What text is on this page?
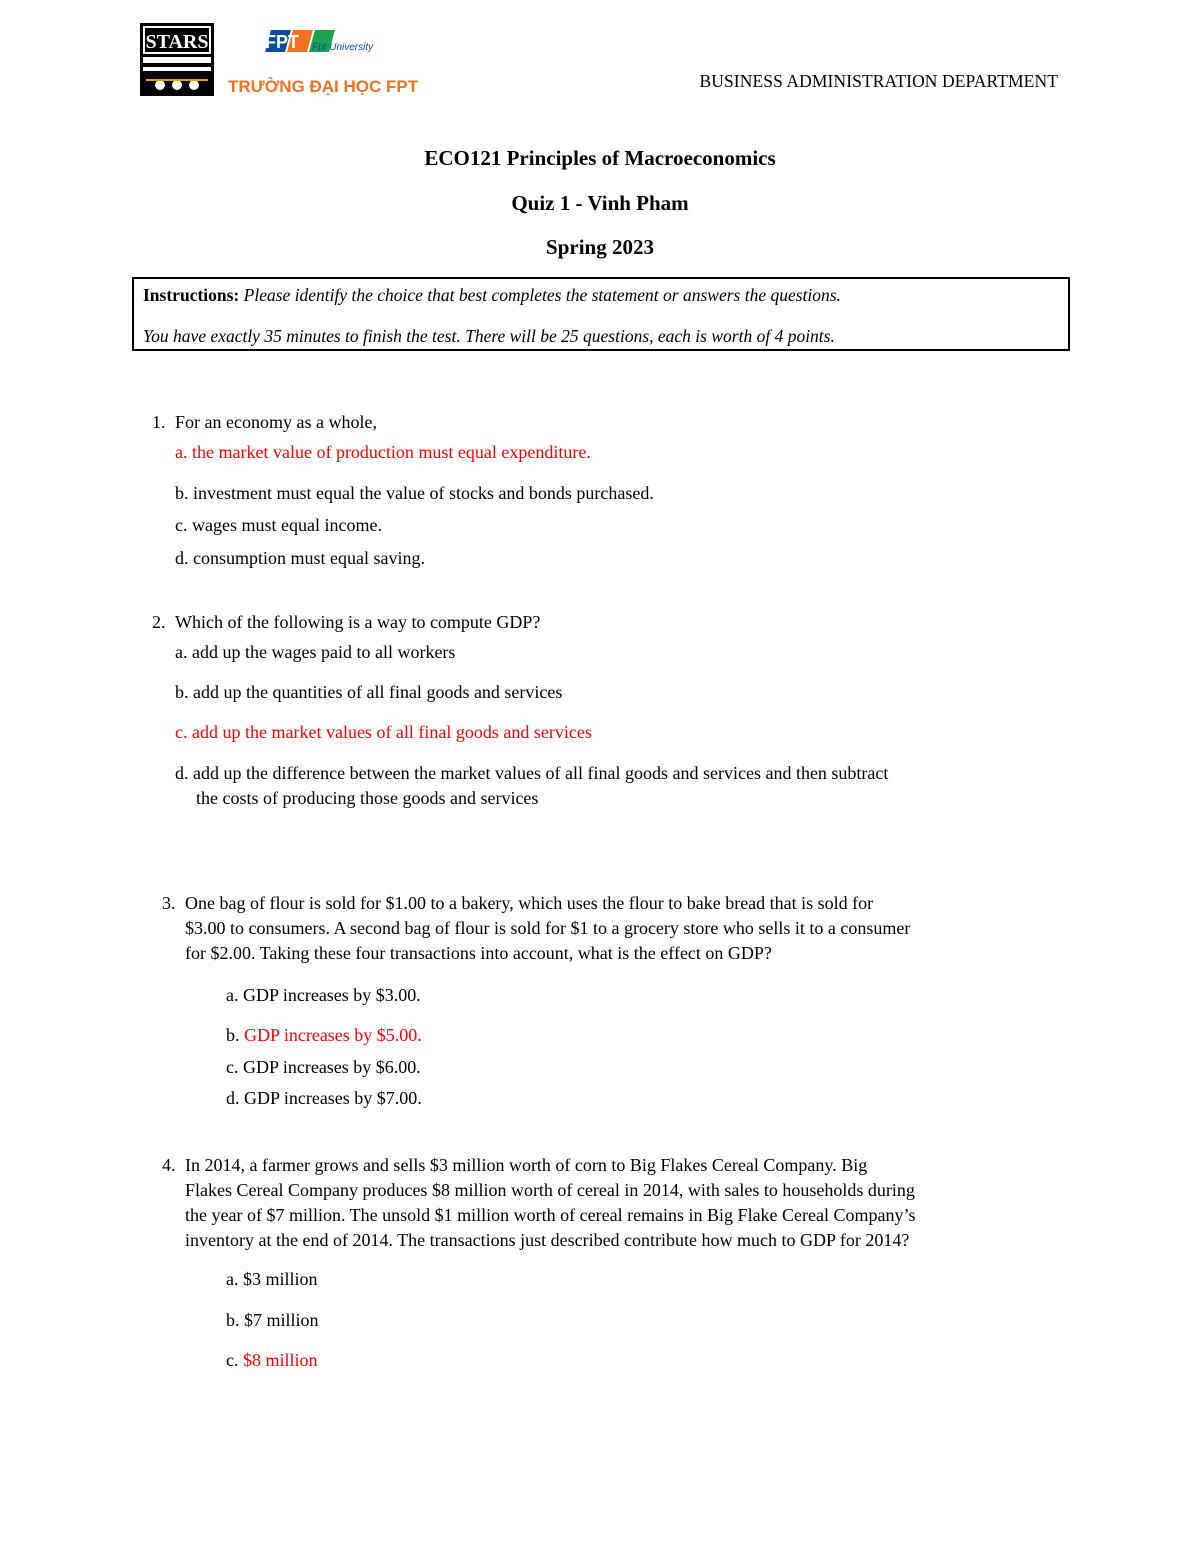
STARS	FPT Fpt University
TRƯỜNG ĐẠI HỌC FPT	BUSINESS ADMINISTRATION DEPARTMENT
ECO121 Principles of Macroeconomics
Quiz 1 - Vinh Pham
Spring 2023
Instructions: Please identify the choice that best completes the statement or answers the questions.
You have exactly 35 minutes to finish the test. There will be 25 questions, each is worth of 4 points.
1. For an economy as a whole,
a. the market value of production must equal expenditure.
b. investment must equal the value of stocks and bonds purchased.
c. wages must equal income.
d. consumption must equal saving.
2. Which of the following is a way to compute GDP?
a. add up the wages paid to all workers
b. add up the quantities of all final goods and services
c. add up the market values of all final goods and services
d. add up the difference between the market values of all final goods and services and then subtract
the costs of producing those goods and services
3. One bag of flour is sold for $1.00 to a bakery, which uses the flour to bake bread that is sold for
$3.00 to consumers. A second bag of flour is sold for $1 to a grocery store who sells it to a consumer
for $2.00. Taking these four transactions into account, what is the effect on GDP?
a. GDP increases by $3.00.
b. GDP increases by $5.00.
c. GDP increases by $6.00.
d. GDP increases by $7.00.
4. In 2014, a farmer grows and sells $3 million worth of corn to Big Flakes Cereal Company. Big
Flakes Cereal Company produces $8 million worth of cereal in 2014, with sales to households during
the year of $7 million. The unsold $1 million worth of cereal remains in Big Flake Cereal Company’s
inventory at the end of 2014. The transactions just described contribute how much to GDP for 2014?
a. $3 million
b. $7 million
c. $8 million
